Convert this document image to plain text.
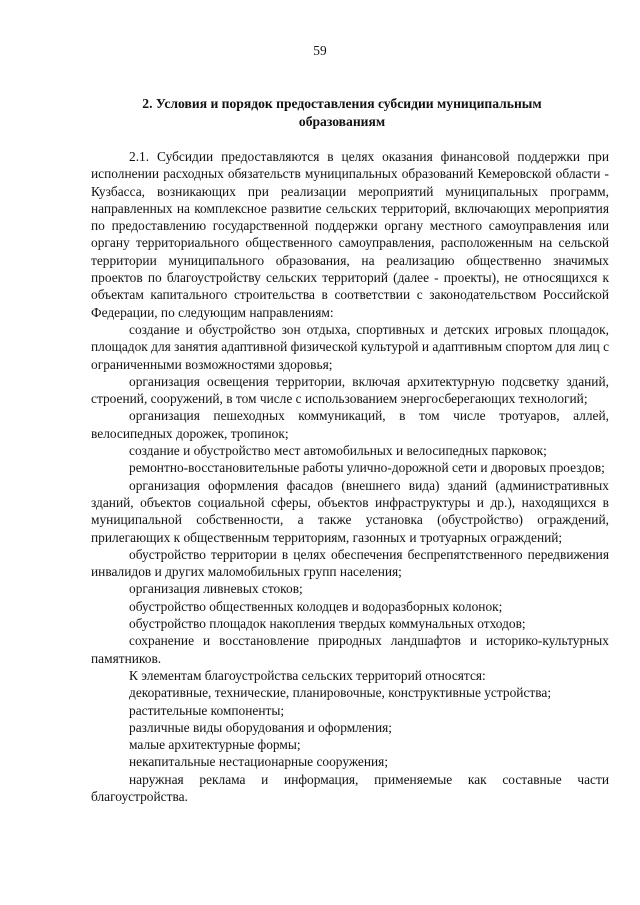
59
2. Условия и порядок предоставления субсидии муниципальным образованиям

2.1. Субсидии предоставляются в целях оказания финансовой поддержки при исполнении расходных обязательств муниципальных образований Кемеровской области - Кузбасса, возникающих при реализации мероприятий муниципальных программ, направленных на комплексное развитие сельских территорий, включающих мероприятия по предоставлению государственной поддержки органу местного самоуправления или органу территориального общественного самоуправления, расположенным на сельской территории муниципального образования, на реализацию общественно значимых проектов по благоустройству сельских территорий (далее - проекты), не относящихся к объектам капитального строительства в соответствии с законодательством Российской Федерации, по следующим направлениям:

создание и обустройство зон отдыха, спортивных и детских игровых площадок, площадок для занятия адаптивной физической культурой и адаптивным спортом для лиц с ограниченными возможностями здоровья;

организация освещения территории, включая архитектурную подсветку зданий, строений, сооружений, в том числе с использованием энергосберегающих технологий;

организация пешеходных коммуникаций, в том числе тротуаров, аллей, велосипедных дорожек, тропинок;

создание и обустройство мест автомобильных и велосипедных парковок;

ремонтно-восстановительные работы улично-дорожной сети и дворовых проездов;

организация оформления фасадов (внешнего вида) зданий (административных зданий, объектов социальной сферы, объектов инфраструктуры и др.), находящихся в муниципальной собственности, а также установка (обустройство) ограждений, прилегающих к общественным территориям, газонных и тротуарных ограждений;

обустройство территории в целях обеспечения беспрепятственного передвижения инвалидов и других маломобильных групп населения;

организация ливневых стоков;

обустройство общественных колодцев и водоразборных колонок;

обустройство площадок накопления твердых коммунальных отходов;

сохранение и восстановление природных ландшафтов и историко-культурных памятников.

К элементам благоустройства сельских территорий относятся:

декоративные, технические, планировочные, конструктивные устройства;

растительные компоненты;

различные виды оборудования и оформления;

малые архитектурные формы;

некапитальные нестационарные сооружения;

наружная реклама и информация, применяемые как составные части благоустройства.
